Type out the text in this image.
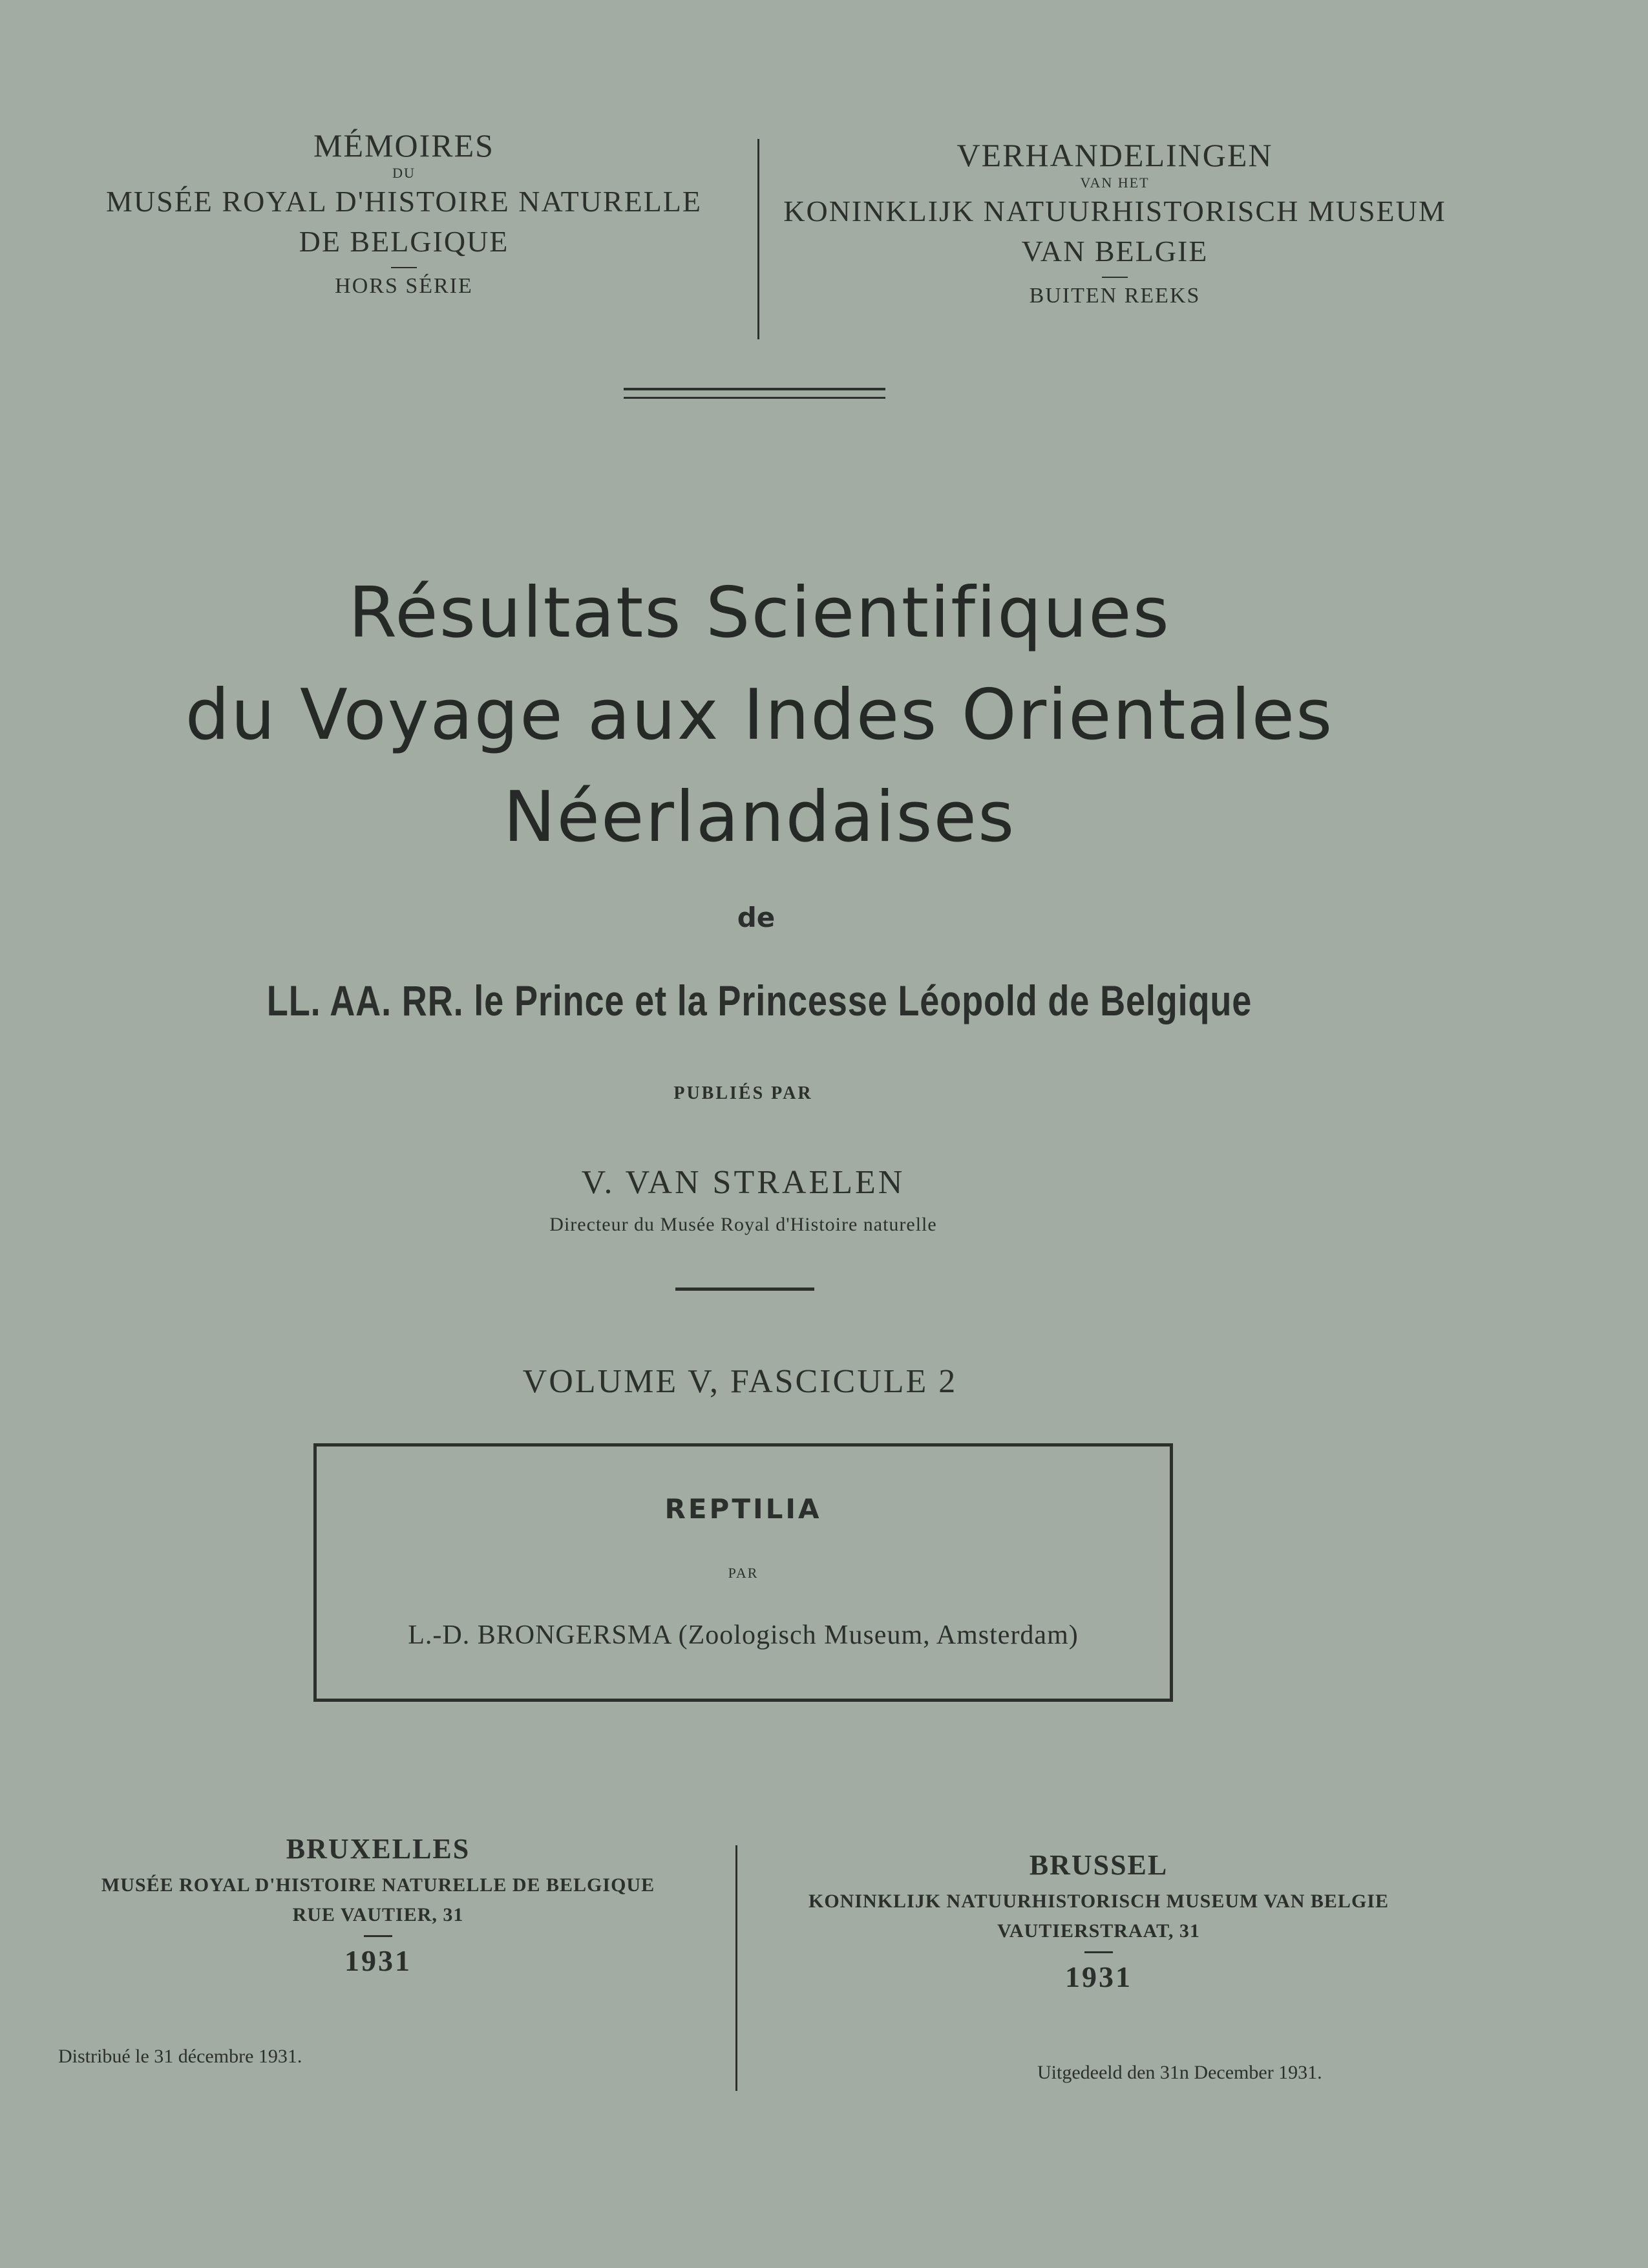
MÉMOIRES
DU
MUSÉE ROYAL D'HISTOIRE NATURELLE
DE BELGIQUE
HORS SÉRIE
VERHANDELINGEN
VAN HET
KONINKLIJK NATUURHISTORISCH MUSEUM
VAN BELGIE
BUITEN REEKS
Résultats Scientifiques
du Voyage aux Indes Orientales
Néerlandaises
de
LL. AA. RR. le Prince et la Princesse Léopold de Belgique
PUBLIÉS PAR
V. VAN STRAELEN
Directeur du Musée Royal d'Histoire naturelle
VOLUME V, FASCICULE 2
REPTILIA
PAR
L.-D. BRONGERSMA (Zoologisch Museum, Amsterdam)
BRUXELLES
MUSÉE ROYAL D'HISTOIRE NATURELLE DE BELGIQUE
RUE VAUTIER, 31
1931
Distribué le 31 décembre 1931.
BRUSSEL
KONINKLIJK NATUURHISTORISCH MUSEUM VAN BELGIE
VAUTIERSTRAAT, 31
1931
Uitgedeeld den 31n December 1931.
